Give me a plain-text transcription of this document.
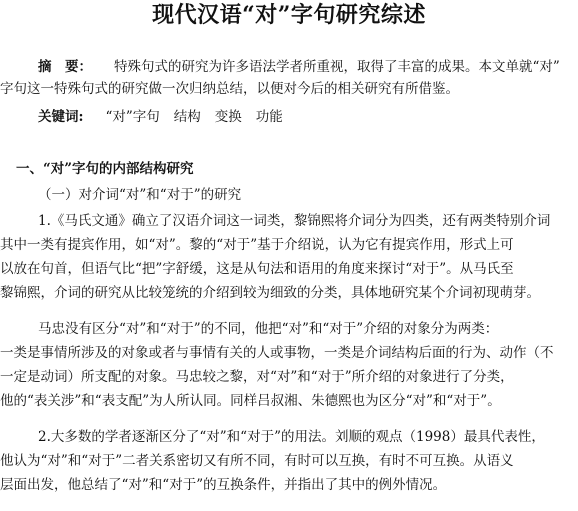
现代汉语“对”字句研究综述
摘　要： 特殊句式的研究为许多语法学者所重视，取得了丰富的成果。本文单就“对”
字句这一特殊句式的研究做一次归纳总结，以便对今后的相关研究有所借鉴。
关键词: “对”字句 结构 变换 功能
一、“对”字句的内部结构研究
（一）对介词“对”和“对于”的研究
1.《马氏文通》确立了汉语介词这一词类，黎锦熙将介词分为四类，还有两类特别介词
其中一类有提宾作用，如“对”。黎的“对于”基于介绍说，认为它有提宾作用，形式上可
以放在句首，但语气比“把”字舒缓，这是从句法和语用的角度来探讨“对于”。从马氏至
黎锦熙，介词的研究从比较笼统的介绍到较为细致的分类，具体地研究某个介词初现萌芽。
马忠没有区分“对”和“对于”的不同，他把“对”和“对于”介绍的对象分为两类：
一类是事情所涉及的对象或者与事情有关的人或事物，一类是介词结构后面的行为、动作（不
一定是动词）所支配的对象。马忠较之黎，对“对”和“对于”所介绍的对象进行了分类，
他的“表关涉”和“表支配”为人所认同。同样吕叔湘、朱德熙也为区分“对”和“对于”。
2.大多数的学者逐渐区分了“对”和“对于”的用法。刘顺的观点（1998）最具代表性，
他认为“对”和“对于”二者关系密切又有所不同，有时可以互换，有时不可互换。从语义
层面出发，他总结了“对”和“对于”的互换条件，并指出了其中的例外情况。
